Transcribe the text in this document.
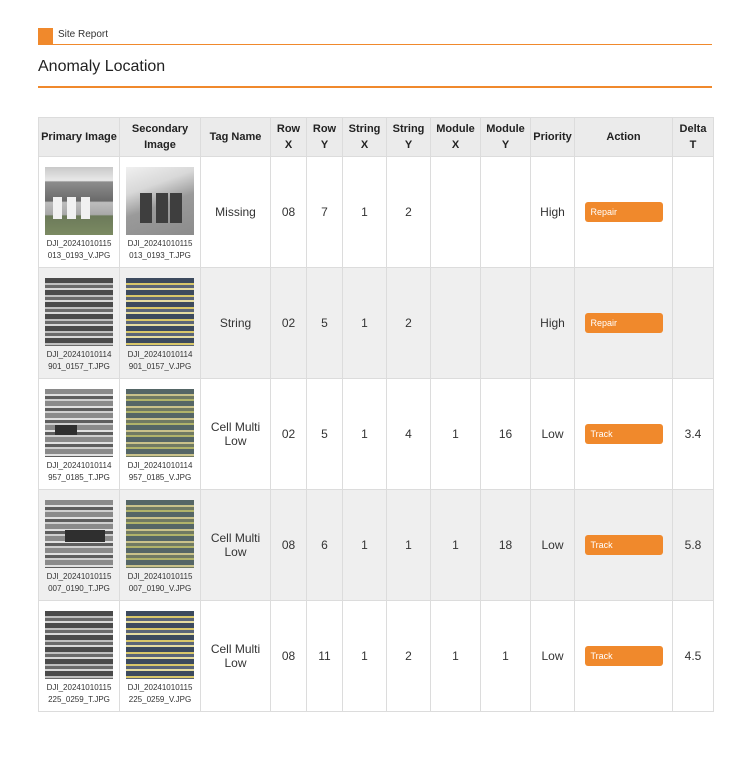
Site Report
Anomaly Location
Primary Image	Secondary Image	Tag Name	Row X	Row Y	String X	String Y	Module X	Module Y	Priority	Action	Delta T

DJI_20241010115013_0193_V.JPG	DJI_20241010115013_0193_T.JPG	Missing	08	7	1	2			High	Repair	

DJI_20241010114901_0157_T.JPG	DJI_20241010114901_0157_V.JPG	String	02	5	1	2			High	Repair	

DJI_20241010114957_0185_T.JPG	DJI_20241010114957_0185_V.JPG	Cell Multi Low	02	5	1	4	1	16	Low	Track	3.4

DJI_20241010115007_0190_T.JPG	DJI_20241010115007_0190_V.JPG	Cell Multi Low	08	6	1	1	1	18	Low	Track	5.8

DJI_20241010115225_0259_T.JPG	DJI_20241010115225_0259_V.JPG	Cell Multi Low	08	11	1	2	1	1	Low	Track	4.5
